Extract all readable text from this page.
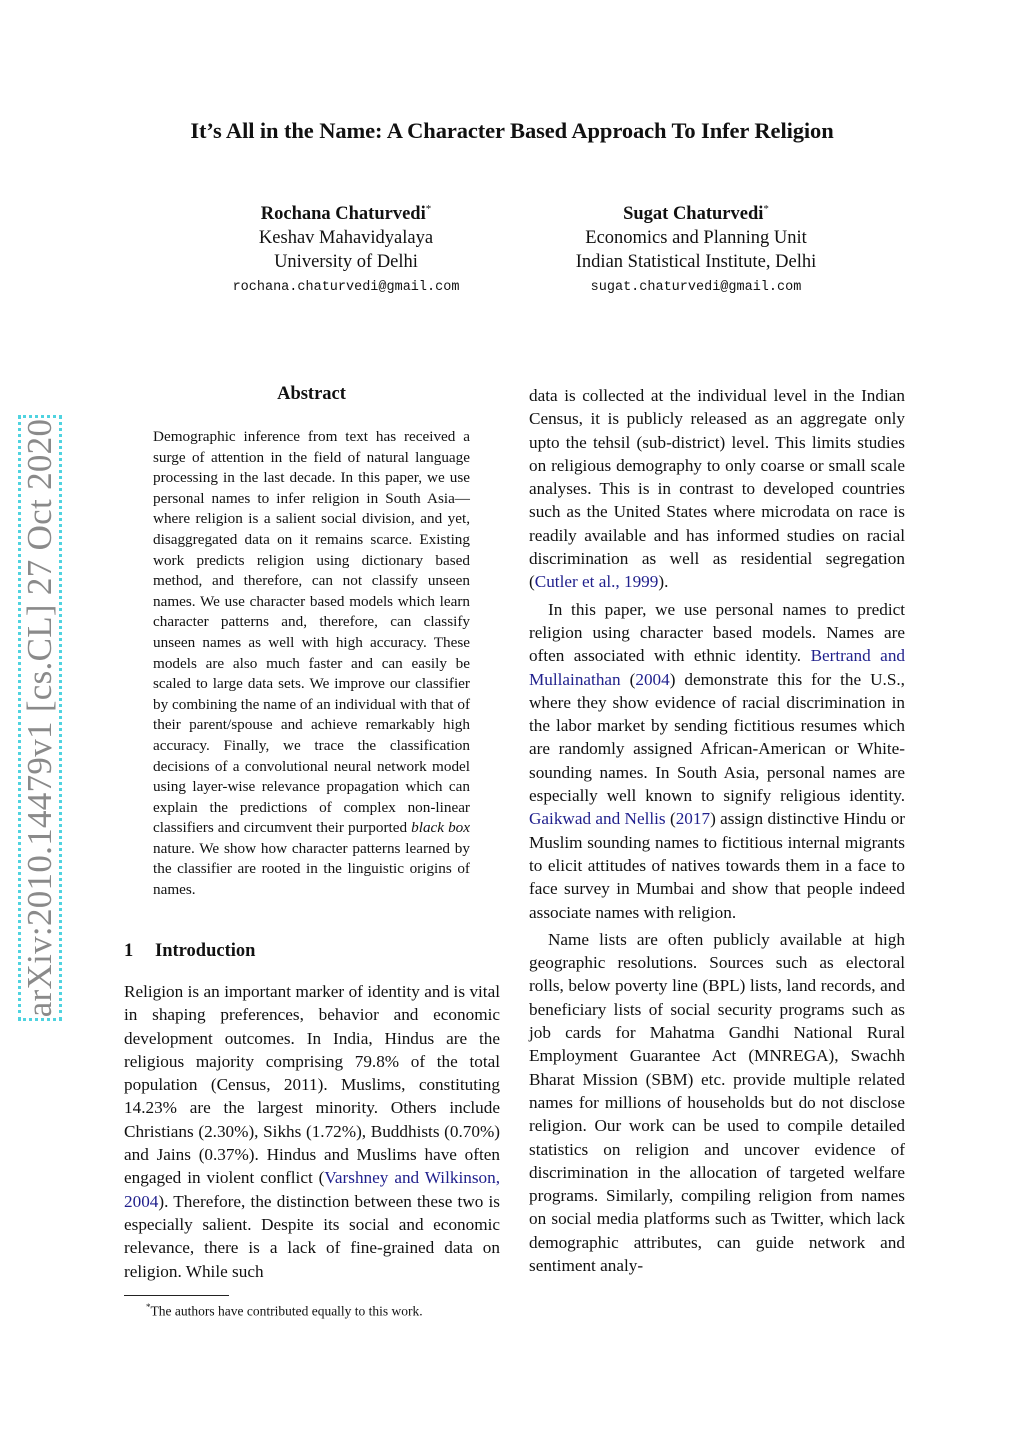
arXiv:2010.14479v1 [cs.CL] 27 Oct 2020
It’s All in the Name: A Character Based Approach To Infer Religion
Rochana Chaturvedi*
Keshav Mahavidyalaya
University of Delhi
rochana.chaturvedi@gmail.com
Sugat Chaturvedi*
Economics and Planning Unit
Indian Statistical Institute, Delhi
sugat.chaturvedi@gmail.com
Abstract
Demographic inference from text has received a surge of attention in the field of natural language processing in the last decade. In this paper, we use personal names to infer religion in South Asia—where religion is a salient social division, and yet, disaggregated data on it remains scarce. Existing work predicts religion using dictionary based method, and therefore, can not classify unseen names. We use character based models which learn character patterns and, therefore, can classify unseen names as well with high accuracy. These models are also much faster and can easily be scaled to large data sets. We improve our classifier by combining the name of an individual with that of their parent/spouse and achieve remarkably high accuracy. Finally, we trace the classification decisions of a convolutional neural network model using layer-wise relevance propagation which can explain the predictions of complex non-linear classifiers and circumvent their purported black box nature. We show how character patterns learned by the classifier are rooted in the linguistic origins of names.
1 Introduction

Religion is an important marker of identity and is vital in shaping preferences, behavior and economic development outcomes. In India, Hindus are the religious majority comprising 79.8% of the total population (Census, 2011). Muslims, constituting 14.23% are the largest minority. Others include Christians (2.30%), Sikhs (1.72%), Buddhists (0.70%) and Jains (0.37%). Hindus and Muslims have often engaged in violent conflict (Varshney and Wilkinson, 2004). Therefore, the distinction between these two is especially salient. Despite its social and economic relevance, there is a lack of fine-grained data on religion. While such

data is collected at the individual level in the Indian Census, it is publicly released as an aggregate only upto the tehsil (sub-district) level. This limits studies on religious demography to only coarse or small scale analyses. This is in contrast to developed countries such as the United States where microdata on race is readily available and has informed studies on racial discrimination as well as residential segregation (Cutler et al., 1999).

In this paper, we use personal names to predict religion using character based models. Names are often associated with ethnic identity. Bertrand and Mullainathan (2004) demonstrate this for the U.S., where they show evidence of racial discrimination in the labor market by sending fictitious resumes which are randomly assigned African-American or White-sounding names. In South Asia, personal names are especially well known to signify religious identity. Gaikwad and Nellis (2017) assign distinctive Hindu or Muslim sounding names to fictitious internal migrants to elicit attitudes of natives towards them in a face to face survey in Mumbai and show that people indeed associate names with religion.

Name lists are often publicly available at high geographic resolutions. Sources such as electoral rolls, below poverty line (BPL) lists, land records, and beneficiary lists of social security programs such as job cards for Mahatma Gandhi National Rural Employment Guarantee Act (MNREGA), Swachh Bharat Mission (SBM) etc. provide multiple related names for millions of households but do not disclose religion. Our work can be used to compile detailed statistics on religion and uncover evidence of discrimination in the allocation of targeted welfare programs. Similarly, compiling religion from names on social media platforms such as Twitter, which lack demographic attributes, can guide network and sentiment analy-

*The authors have contributed equally to this work.
